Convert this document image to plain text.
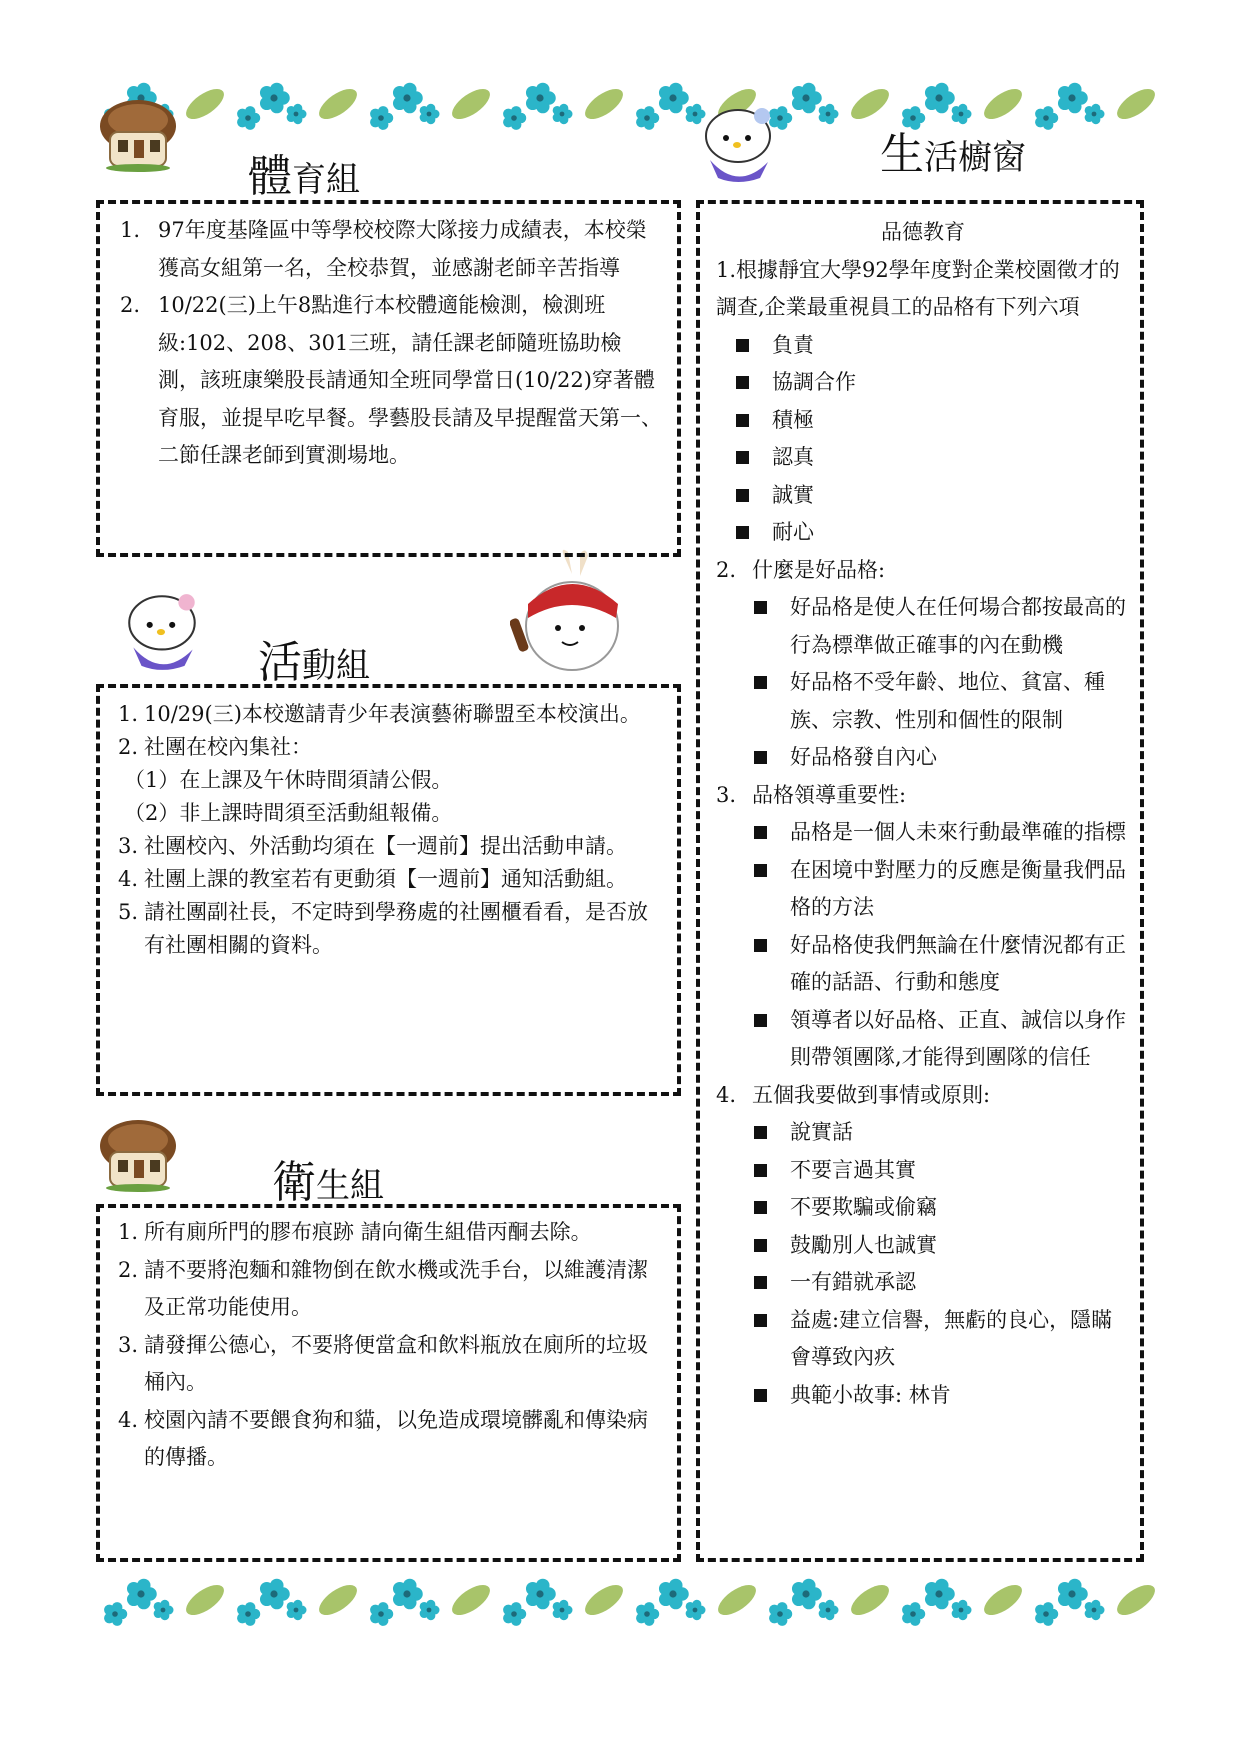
體育組
活動組
衛生組
生活櫥窗
1. 97年度基隆區中等學校校際大隊接力成績表，本校榮獲高女組第一名，全校恭賀，並感謝老師辛苦指導
2. 10/22(三)上午8點進行本校體適能檢測，檢測班級:102、208、301三班，請任課老師隨班協助檢測，該班康樂股長請通知全班同學當日(10/22)穿著體育服，並提早吃早餐。學藝股長請及早提醒當天第一、二節任課老師到實測場地。
1. 10/29(三)本校邀請青少年表演藝術聯盟至本校演出。
2. 社團在校內集社：
（1）在上課及午休時間須請公假。
（2）非上課時間須至活動組報備。
3. 社團校內、外活動均須在【一週前】提出活動申請。
4. 社團上課的教室若有更動須【一週前】通知活動組。
5. 請社團副社長，不定時到學務處的社團櫃看看，是否放有社團相關的資料。
1. 所有廁所門的膠布痕跡 請向衛生組借丙酮去除。
2. 請不要將泡麵和雜物倒在飲水機或洗手台，以維護清潔及正常功能使用。
3. 請發揮公德心，不要將便當盒和飲料瓶放在廁所的垃圾桶內。
4. 校園內請不要餵食狗和貓，以免造成環境髒亂和傳染病的傳播。
品德教育
1.根據靜宜大學92學年度對企業校園徵才的調查,企業最重視員工的品格有下列六項
負責
協調合作
積極
認真
誠實
耐心
2. 什麼是好品格:
好品格是使人在任何場合都按最高的行為標準做正確事的內在動機
好品格不受年齡、地位、貧富、種族、宗教、性別和個性的限制
好品格發自內心
3. 品格領導重要性:
品格是一個人未來行動最準確的指標
在困境中對壓力的反應是衡量我們品格的方法
好品格使我們無論在什麼情況都有正確的話語、行動和態度
領導者以好品格、正直、誠信以身作則帶領團隊,才能得到團隊的信任
4. 五個我要做到事情或原則:
說實話
不要言過其實
不要欺騙或偷竊
鼓勵別人也誠實
一有錯就承認
益處:建立信譽，無虧的良心，隱瞞會導致內疚
典範小故事: 林肯
